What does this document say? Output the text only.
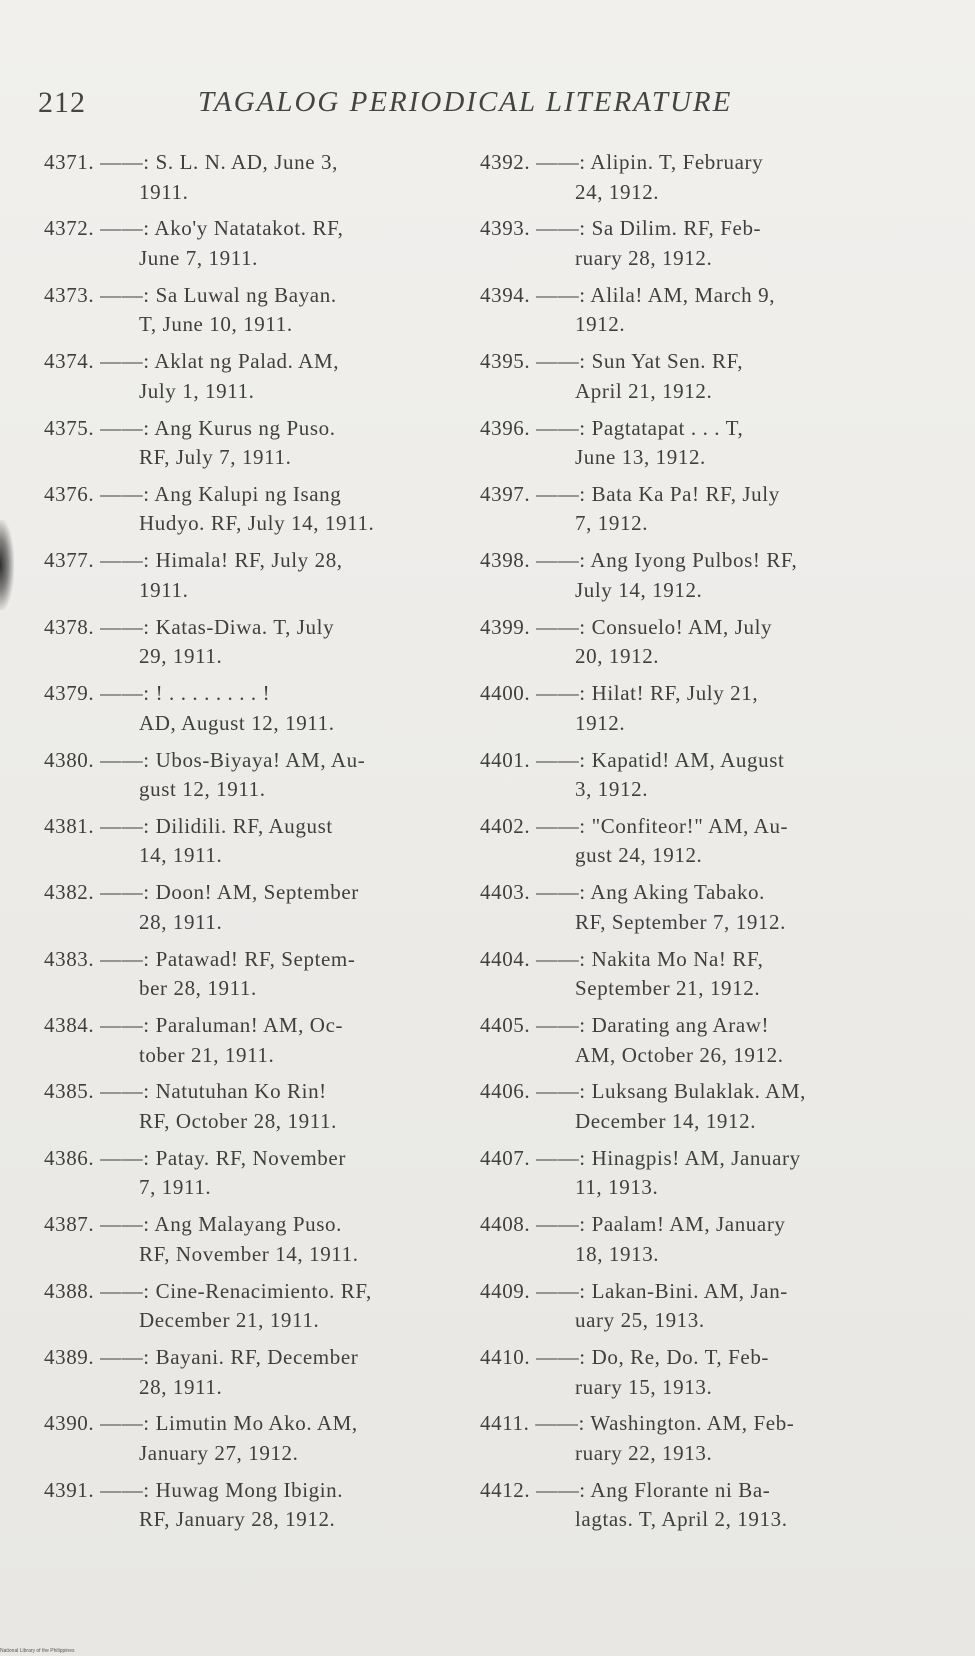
212	TAGALOG PERIODICAL LITERATURE
4371. ——: S. L. N. AD, June 3,
1911.
4372. ——: Ako'y Natatakot. RF,
June 7, 1911.
4373. ——: Sa Luwal ng Bayan.
T, June 10, 1911.
4374. ——: Aklat ng Palad. AM,
July 1, 1911.
4375. ——: Ang Kurus ng Puso.
RF, July 7, 1911.
4376. ——: Ang Kalupi ng Isang
Hudyo. RF, July 14, 1911.
4377. ——: Himala! RF, July 28,
1911.
4378. ——: Katas-Diwa. T, July
29, 1911.
4379. ——: ! . . . . . . . . !
AD, August 12, 1911.
4380. ——: Ubos-Biyaya! AM, Au-
gust 12, 1911.
4381. ——: Dilidili. RF, August
14, 1911.
4382. ——: Doon! AM, September
28, 1911.
4383. ——: Patawad! RF, Septem-
ber 28, 1911.
4384. ——: Paraluman! AM, Oc-
tober 21, 1911.
4385. ——: Natutuhan Ko Rin!
RF, October 28, 1911.
4386. ——: Patay. RF, November
7, 1911.
4387. ——: Ang Malayang Puso.
RF, November 14, 1911.
4388. ——: Cine-Renacimiento. RF,
December 21, 1911.
4389. ——: Bayani. RF, December
28, 1911.
4390. ——: Limutin Mo Ako. AM,
January 27, 1912.
4391. ——: Huwag Mong Ibigin.
RF, January 28, 1912.
4392. ——: Alipin. T, February
24, 1912.
4393. ——: Sa Dilim. RF, Feb-
ruary 28, 1912.
4394. ——: Alila! AM, March 9,
1912.
4395. ——: Sun Yat Sen. RF,
April 21, 1912.
4396. ——: Pagtatapat . . . T,
June 13, 1912.
4397. ——: Bata Ka Pa! RF, July
7, 1912.
4398. ——: Ang Iyong Pulbos! RF,
July 14, 1912.
4399. ——: Consuelo! AM, July
20, 1912.
4400. ——: Hilat! RF, July 21,
1912.
4401. ——: Kapatid! AM, August
3, 1912.
4402. ——: "Confiteor!" AM, Au-
gust 24, 1912.
4403. ——: Ang Aking Tabako.
RF, September 7, 1912.
4404. ——: Nakita Mo Na! RF,
September 21, 1912.
4405. ——: Darating ang Araw!
AM, October 26, 1912.
4406. ——: Luksang Bulaklak. AM,
December 14, 1912.
4407. ——: Hinagpis! AM, January
11, 1913.
4408. ——: Paalam! AM, January
18, 1913.
4409. ——: Lakan-Bini. AM, Jan-
uary 25, 1913.
4410. ——: Do, Re, Do. T, Feb-
ruary 15, 1913.
4411. ——: Washington. AM, Feb-
ruary 22, 1913.
4412. ——: Ang Florante ni Ba-
lagtas. T, April 2, 1913.
National Library of the Philippines
